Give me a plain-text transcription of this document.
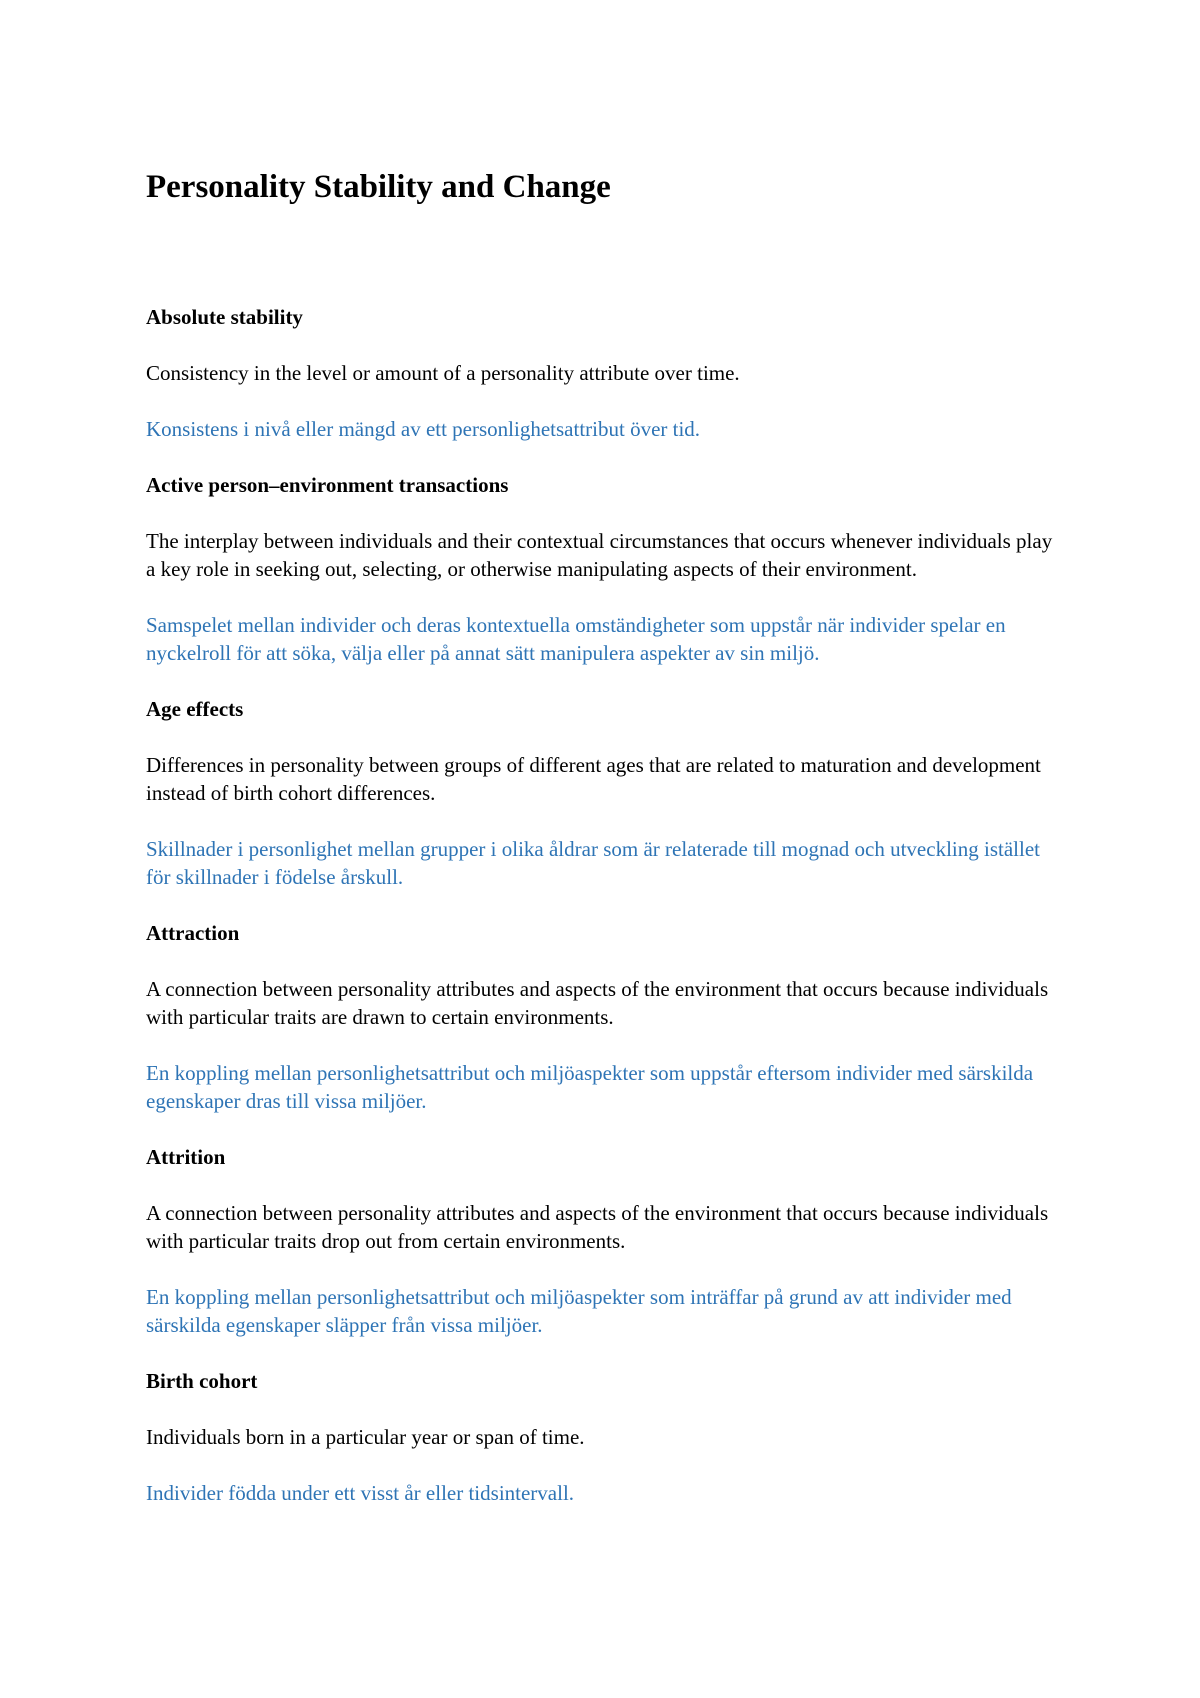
Personality Stability and Change

Absolute stability

Consistency in the level or amount of a personality attribute over time.

Konsistens i nivå eller mängd av ett personlighetsattribut över tid.

Active person–environment transactions

The interplay between individuals and their contextual circumstances that occurs whenever individuals play a key role in seeking out, selecting, or otherwise manipulating aspects of their environment.

Samspelet mellan individer och deras kontextuella omständigheter som uppstår när individer spelar en nyckelroll för att söka, välja eller på annat sätt manipulera aspekter av sin miljö.

Age effects

Differences in personality between groups of different ages that are related to maturation and development instead of birth cohort differences.

Skillnader i personlighet mellan grupper i olika åldrar som är relaterade till mognad och utveckling istället för skillnader i födelse årskull.

Attraction

A connection between personality attributes and aspects of the environment that occurs because individuals with particular traits are drawn to certain environments.

En koppling mellan personlighetsattribut och miljöaspekter som uppstår eftersom individer med särskilda egenskaper dras till vissa miljöer.

Attrition

A connection between personality attributes and aspects of the environment that occurs because individuals with particular traits drop out from certain environments.

En koppling mellan personlighetsattribut och miljöaspekter som inträffar på grund av att individer med särskilda egenskaper släpper från vissa miljöer.

Birth cohort

Individuals born in a particular year or span of time.

Individer födda under ett visst år eller tidsintervall.
